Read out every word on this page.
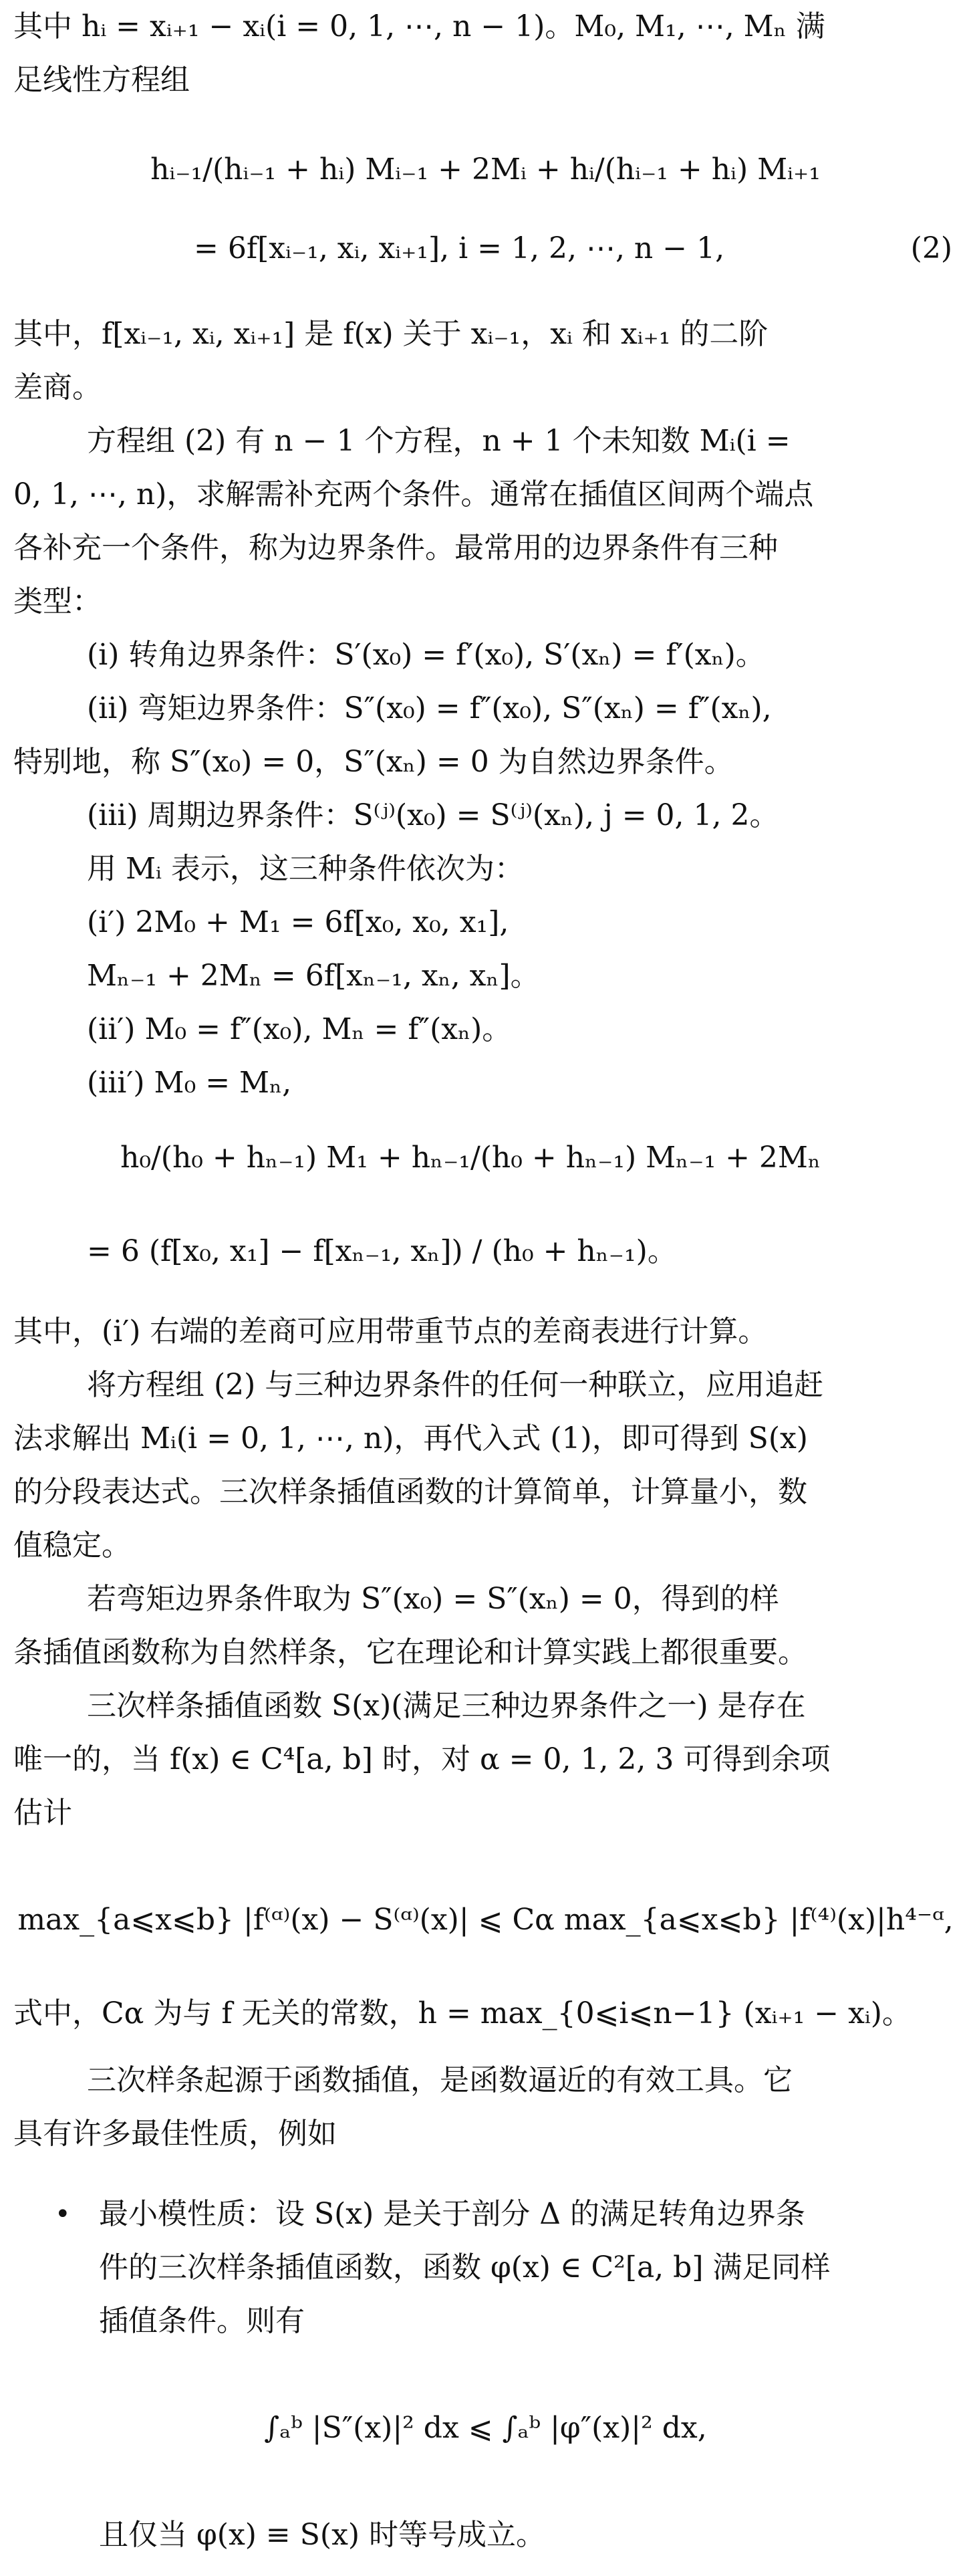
其中 hᵢ = xᵢ₊₁ − xᵢ(i = 0, 1, ⋯, n − 1)。M₀, M₁, ⋯, Mₙ 满
足线性方程组
hᵢ₋₁/(hᵢ₋₁ + hᵢ) Mᵢ₋₁ + 2Mᵢ + hᵢ/(hᵢ₋₁ + hᵢ) Mᵢ₊₁
= 6f[xᵢ₋₁, xᵢ, xᵢ₊₁], i = 1, 2, ⋯, n − 1,	(2)
其中，f[xᵢ₋₁, xᵢ, xᵢ₊₁] 是 f(x) 关于 xᵢ₋₁，xᵢ 和 xᵢ₊₁ 的二阶
差商。
方程组 (2) 有 n − 1 个方程，n + 1 个未知数 Mᵢ(i =
0, 1, ⋯, n)，求解需补充两个条件。通常在插值区间两个端点
各补充一个条件，称为边界条件。最常用的边界条件有三种
类型：
(i) 转角边界条件：S′(x₀) = f′(x₀), S′(xₙ) = f′(xₙ)。
(ii) 弯矩边界条件：S″(x₀) = f″(x₀), S″(xₙ) = f″(xₙ),
特别地，称 S″(x₀) = 0，S″(xₙ) = 0 为自然边界条件。
(iii) 周期边界条件：S⁽ʲ⁾(x₀) = S⁽ʲ⁾(xₙ), j = 0, 1, 2。
用 Mᵢ 表示，这三种条件依次为：
(i′) 2M₀ + M₁ = 6f[x₀, x₀, x₁],
Mₙ₋₁ + 2Mₙ = 6f[xₙ₋₁, xₙ, xₙ]。
(ii′) M₀ = f″(x₀), Mₙ = f″(xₙ)。
(iii′) M₀ = Mₙ,
h₀/(h₀ + hₙ₋₁) M₁ + hₙ₋₁/(h₀ + hₙ₋₁) Mₙ₋₁ + 2Mₙ
= 6 (f[x₀, x₁] − f[xₙ₋₁, xₙ]) / (h₀ + hₙ₋₁)。
其中，(i′) 右端的差商可应用带重节点的差商表进行计算。
将方程组 (2) 与三种边界条件的任何一种联立，应用追赶
法求解出 Mᵢ(i = 0, 1, ⋯, n)，再代入式 (1)，即可得到 S(x)
的分段表达式。三次样条插值函数的计算简单，计算量小，数
值稳定。
若弯矩边界条件取为 S″(x₀) = S″(xₙ) = 0，得到的样
条插值函数称为自然样条，它在理论和计算实践上都很重要。
三次样条插值函数 S(x)(满足三种边界条件之一) 是存在
唯一的，当 f(x) ∈ C⁴[a, b] 时，对 α = 0, 1, 2, 3 可得到余项
估计
max_{a⩽x⩽b} |f⁽ᵅ⁾(x) − S⁽ᵅ⁾(x)| ⩽ Cα max_{a⩽x⩽b} |f⁽⁴⁾(x)|h⁴⁻ᵅ,
式中，Cα 为与 f 无关的常数，h = max_{0⩽i⩽n−1} (xᵢ₊₁ − xᵢ)。
三次样条起源于函数插值，是函数逼近的有效工具。它
具有许多最佳性质，例如
• 最小模性质：设 S(x) 是关于剖分 Δ 的满足转角边界条
件的三次样条插值函数，函数 φ(x) ∈ C²[a, b] 满足同样
插值条件。则有
∫ₐᵇ |S″(x)|² dx ⩽ ∫ₐᵇ |φ″(x)|² dx,
且仅当 φ(x) ≡ S(x) 时等号成立。
